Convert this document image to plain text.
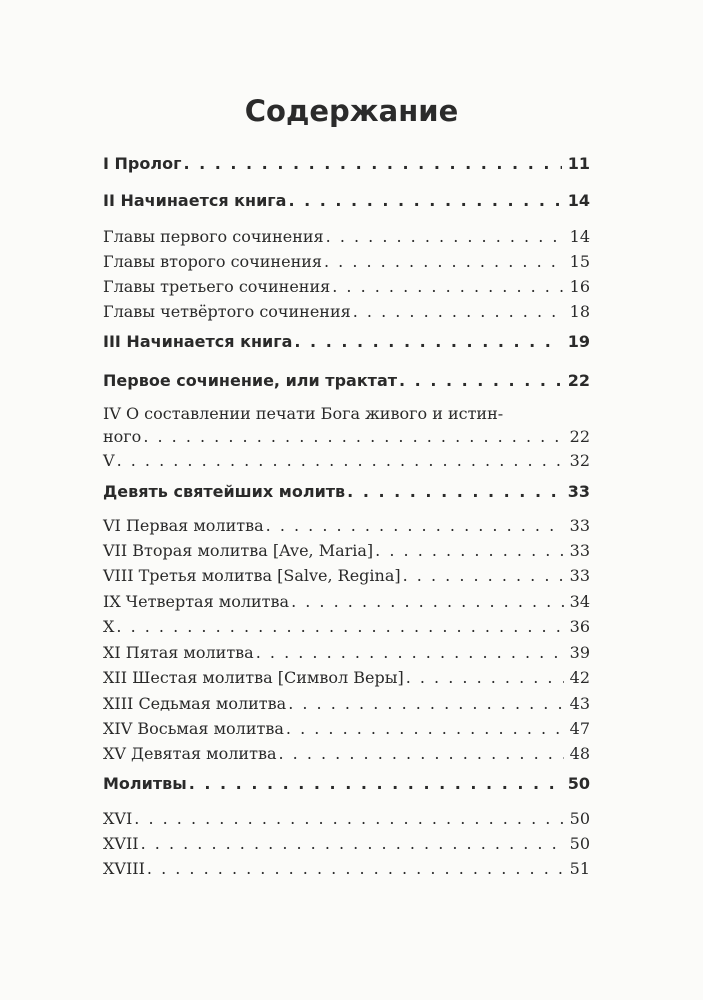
Содержание
I Пролог . . .	11
II Начинается книга . . .	14
Главы первого сочинения . . .	14
Главы второго сочинения . . .	15
Главы третьего сочинения . . .	16
Главы четвёртого сочинения . . .	18
III Начинается книга . . .	19
Первое сочинение, или трактат . . .	22
IV О составлении печати Бога живого и истин-
ного . . .	22
V . . .	32
Девять святейших молитв . . .	33
VI Первая молитва . . .	33
VII Вторая молитва [Ave, Maria] . . .	33
VIII Третья молитва [Salve, Regina] . . .	33
IX Четвертая молитва . . .	34
X . . .	36
XI Пятая молитва . . .	39
XII Шестая молитва [Символ Веры] . . .	42
XIII Седьмая молитва . . .	43
XIV Восьмая молитва . . .	47
XV Девятая молитва . . .	48
Молитвы . . .	50
XVI . . .	50
XVII . . .	50
XVIII . . .	51
